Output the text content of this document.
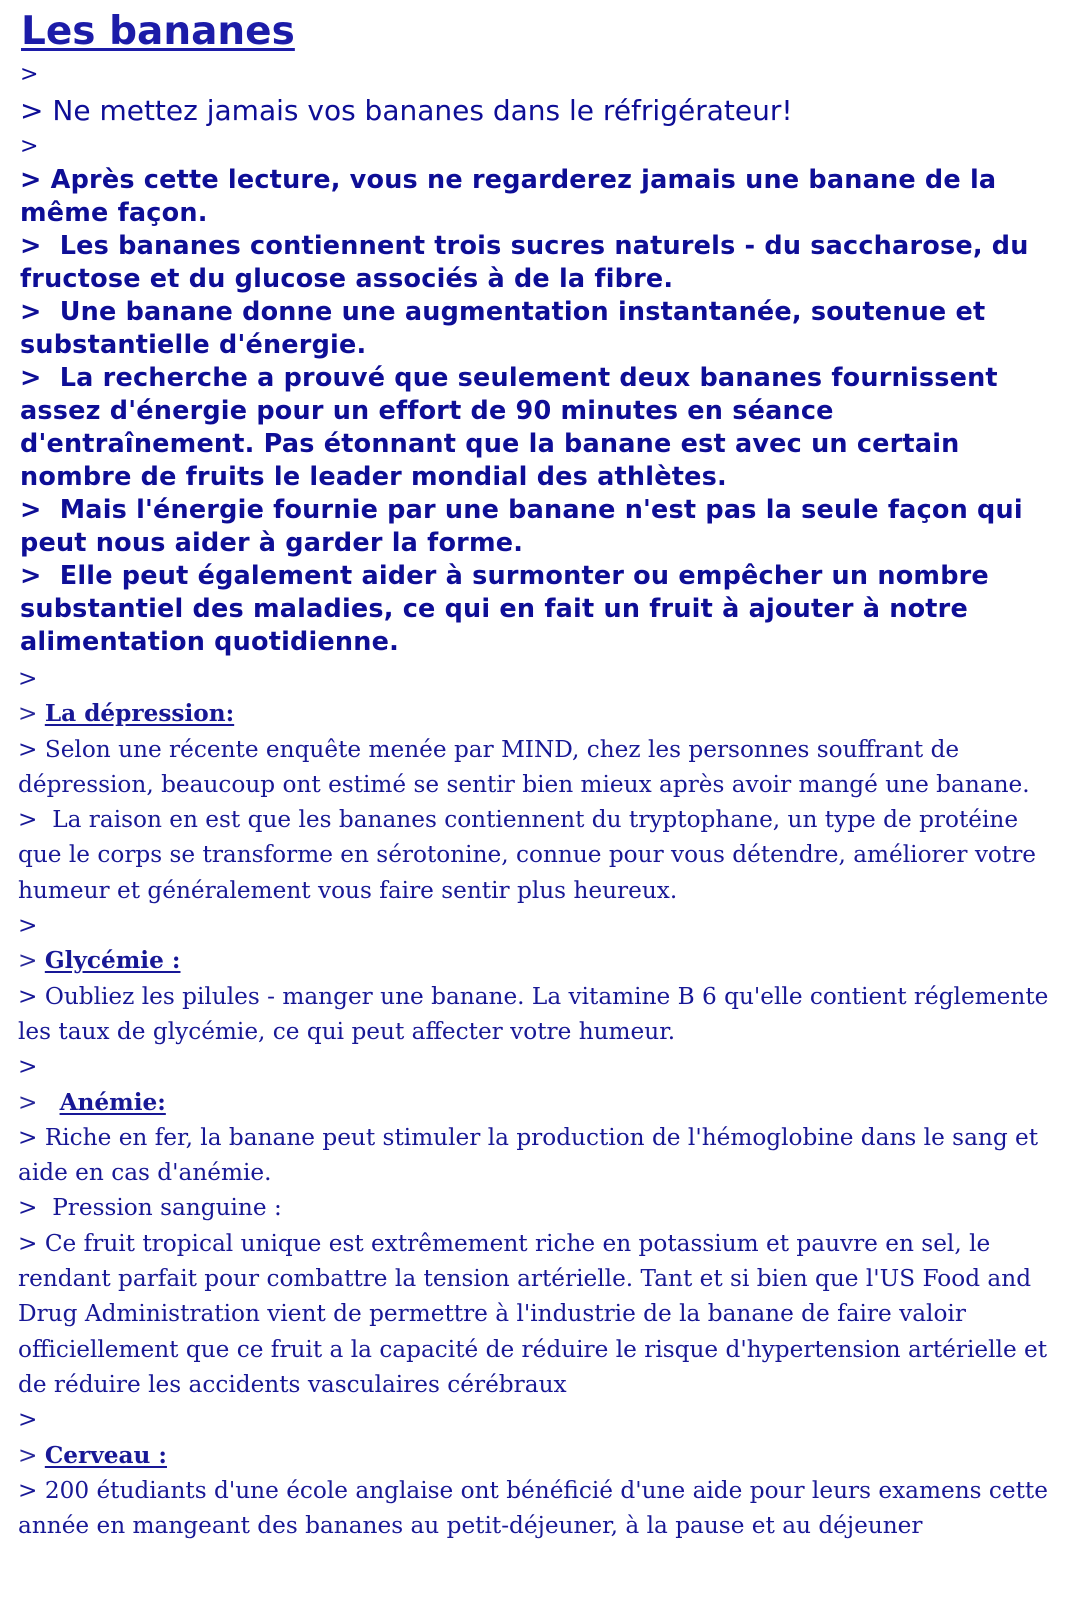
Les bananes

>

> Ne mettez jamais vos bananes dans le réfrigérateur!

>

> Après cette lecture, vous ne regarderez jamais une banane de la même façon.

> Les bananes contiennent trois sucres naturels - du saccharose, du fructose et du glucose associés à de la fibre.

> Une banane donne une augmentation instantanée, soutenue et substantielle d'énergie.

> La recherche a prouvé que seulement deux bananes fournissent assez d'énergie pour un effort de 90 minutes en séance d'entraînement. Pas étonnant que la banane est avec un certain nombre de fruits le leader mondial des athlètes.

> Mais l'énergie fournie par une banane n'est pas la seule façon qui peut nous aider à garder la forme.

> Elle peut également aider à surmonter ou empêcher un nombre substantiel des maladies, ce qui en fait un fruit à ajouter à notre alimentation quotidienne.

>

> La dépression:

> Selon une récente enquête menée par MIND, chez les personnes souffrant de dépression, beaucoup ont estimé se sentir bien mieux après avoir mangé une banane.

> La raison en est que les bananes contiennent du tryptophane, un type de protéine que le corps se transforme en sérotonine, connue pour vous détendre, améliorer votre humeur et généralement vous faire sentir plus heureux.

>

> Glycémie :

> Oubliez les pilules - manger une banane. La vitamine B 6 qu'elle contient réglemente les taux de glycémie, ce qui peut affecter votre humeur.

>

> Anémie:

> Riche en fer, la banane peut stimuler la production de l'hémoglobine dans le sang et aide en cas d'anémie.

> Pression sanguine :

> Ce fruit tropical unique est extrêmement riche en potassium et pauvre en sel, le rendant parfait pour combattre la tension artérielle. Tant et si bien que l'US Food and Drug Administration vient de permettre à l'industrie de la banane de faire valoir officiellement que ce fruit a la capacité de réduire le risque d'hypertension artérielle et de réduire les accidents vasculaires cérébraux

>

> Cerveau :

> 200 étudiants d'une école anglaise ont bénéficié d'une aide pour leurs examens cette année en mangeant des bananes au petit-déjeuner, à la pause et au déjeuner
